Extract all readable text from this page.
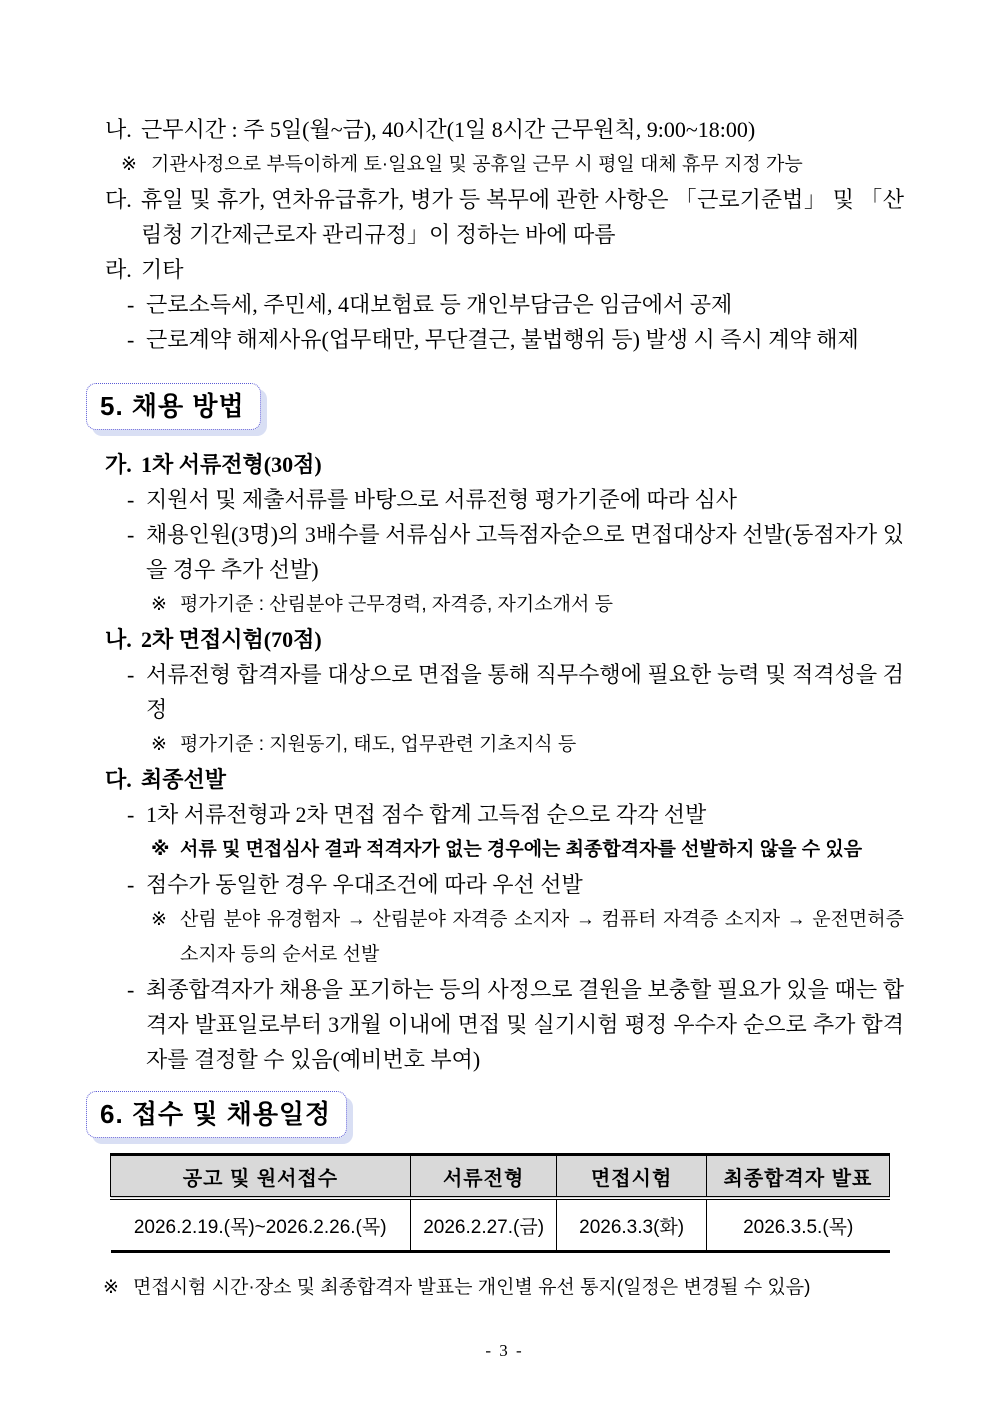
나. 근무시간 : 주 5일(월~금), 40시간(1일 8시간 근무원칙, 9:00~18:00)
※ 기관사정으로 부득이하게 토·일요일 및 공휴일 근무 시 평일 대체 휴무 지정 가능
다. 휴일 및 휴가, 연차유급휴가, 병가 등 복무에 관한 사항은 「근로기준법」 및 「산림청 기간제근로자 관리규정」이 정하는 바에 따름
라. 기타
- 근로소득세, 주민세, 4대보험료 등 개인부담금은 임금에서 공제
- 근로계약 해제사유(업무태만, 무단결근, 불법행위 등) 발생 시 즉시 계약 해제
5. 채용 방법
가. 1차 서류전형(30점)
- 지원서 및 제출서류를 바탕으로 서류전형 평가기준에 따라 심사
- 채용인원(3명)의 3배수를 서류심사 고득점자순으로 면접대상자 선발(동점자가 있을 경우 추가 선발)
※ 평가기준 : 산림분야 근무경력, 자격증, 자기소개서 등
나. 2차 면접시험(70점)
- 서류전형 합격자를 대상으로 면접을 통해 직무수행에 필요한 능력 및 적격성을 검정
※ 평가기준 : 지원동기, 태도, 업무관련 기초지식 등
다. 최종선발
- 1차 서류전형과 2차 면접 점수 합계 고득점 순으로 각각 선발
※ 서류 및 면접심사 결과 적격자가 없는 경우에는 최종합격자를 선발하지 않을 수 있음
- 점수가 동일한 경우 우대조건에 따라 우선 선발
※ 산림 분야 유경험자 → 산림분야 자격증 소지자 → 컴퓨터 자격증 소지자 → 운전면허증 소지자 등의 순서로 선발
- 최종합격자가 채용을 포기하는 등의 사정으로 결원을 보충할 필요가 있을 때는 합격자 발표일로부터 3개월 이내에 면접 및 실기시험 평정 우수자 순으로 추가 합격자를 결정할 수 있음(예비번호 부여)
6. 접수 및 채용일정
공고 및 원서접수	서류전형	면접시험	최종합격자 발표
2026.2.19.(목)~2026.2.26.(목)	2026.2.27.(금)	2026.3.3(화)	2026.3.5.(목)
※ 면접시험 시간·장소 및 최종합격자 발표는 개인별 유선 통지(일정은 변경될 수 있음)
- 3 -
